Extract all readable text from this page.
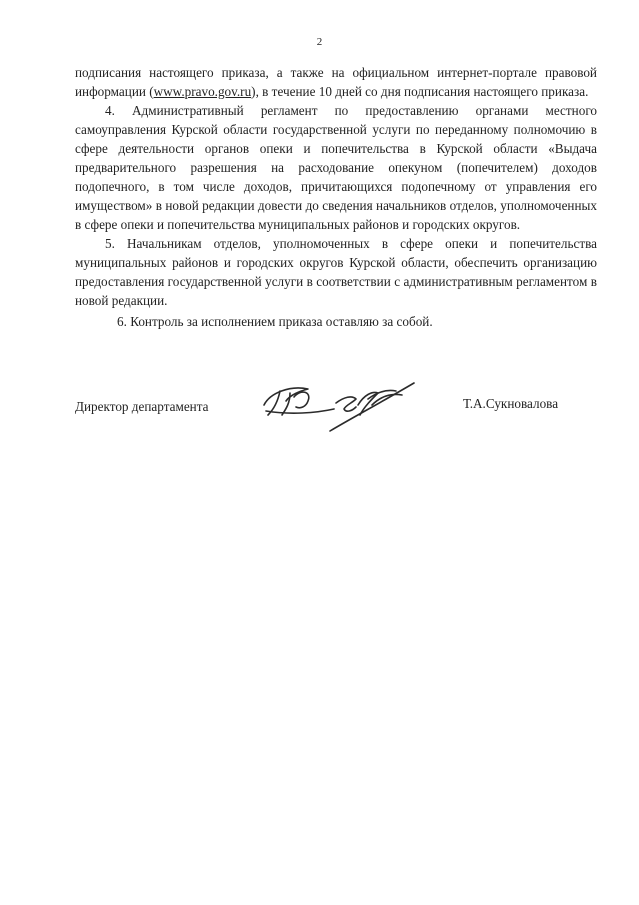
2

подписания настоящего приказа, а также на официальном интернет-портале правовой информации (www.pravo.gov.ru), в течение 10 дней со дня подписания настоящего приказа.

4. Административный регламент по предоставлению органами местного самоуправления Курской области государственной услуги по переданному полномочию в сфере деятельности органов опеки и попечительства в Курской области «Выдача предварительного разрешения на расходование опекуном (попечителем) доходов подопечного, в том числе доходов, причитающихся подопечному от управления его имуществом» в новой редакции довести до сведения начальников отделов, уполномоченных в сфере опеки и попечительства муниципальных районов и городских округов.

5. Начальникам отделов, уполномоченных в сфере опеки и попечительства муниципальных районов и городских округов Курской области, обеспечить организацию предоставления государственной услуги в соответствии с административным регламентом в новой редакции.

6. Контроль за исполнением приказа оставляю за собой.

Директор департамента	Т.А.Сукновалова
